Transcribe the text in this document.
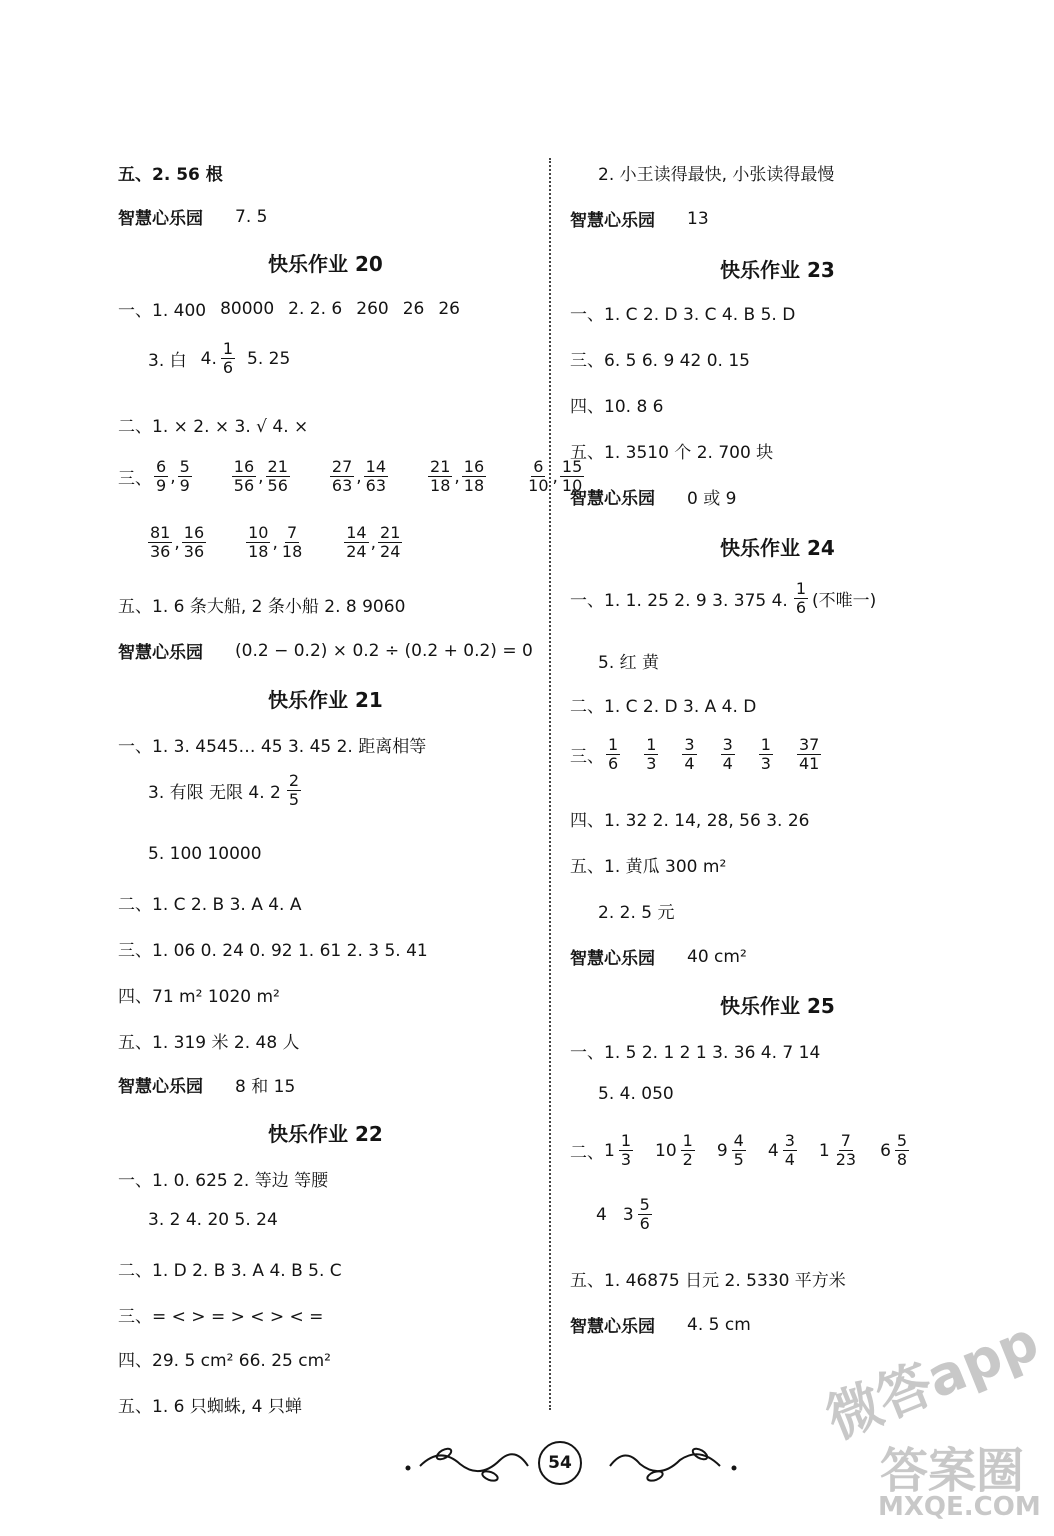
五、2. 56 根
智慧心乐园 7. 5
快乐作业 20
一、1. 400 80000 2. 2. 6 260 26 26
3. 白 4. $\frac{1}{6} 5$. 25
二、1. × 2. × 3. √ 4. ×
三、 $\frac{6}{9}$ , $\frac{5}{9}$	$\frac{16}{56}$ , $\frac{21}{56}$	$\frac{27}{63}$ , $\frac{14}{63}$	$\frac{21}{18}$ , $\frac{16}{18}$	$\frac{6}{10}$ , $\frac{15}{10}$
$\frac{81}{36}$ , $\frac{16}{36}$	$\frac{10}{18}$ , $\frac{7}{18}$	$\frac{14}{24}$ , $\frac{21}{24}$
五、1. 6 条大船, 2 条小船 2. 8 9060
智慧心乐园 (0.2 − 0.2) × 0.2 ÷ (0.2 + 0.2) = 0
快乐作业 21
一、1. 3. 4545… 45 3. 4̇5̇ 2. 距离相等
3. 有限 无限 4. $2 \frac{2}{5}$
5. 100 10000
二、1. C 2. B 3. A 4. A
三、1. 06 0. 24 0. 92 1. 61 2. 3 5. 41
四、71 m² 1020 m²
五、1. 319 米 2. 48 人
智慧心乐园 8 和 15
快乐作业 22
一、1. 0. 62̇5̇ 2. 等边 等腰
3. 2 4. 20 5. 24
二、1. D 2. B 3. A 4. B 5. C
三、= < > = > < > < =
四、29. 5 cm² 66. 25 cm²
五、1. 6 只蜘蛛, 4 只蝉
2. 小王读得最快, 小张读得最慢
智慧心乐园 13
快乐作业 23
一、1. C 2. D 3. C 4. B 5. D
三、6. 5 6. 9 42 0. 15
四、10. 8 6
五、1. 3510 个 2. 700 块
智慧心乐园 0 或 9
快乐作业 24
一、1. 1. 25 2. 9 3. 375 4. $\frac{1}{6}$ (不唯一)
5. 红 黄
二、1. C 2. D 3. A 4. D
三、 $\frac{1}{6} \frac{1}{3} \frac{3}{4} \frac{3}{4} \frac{1}{3} \frac{37}{41}$
四、1. 32 2. 14, 28, 56 3. 26
五、1. 黄瓜 300 m²
2. 2. 5 元
智慧心乐园 40 cm²
快乐作业 25
一、1. 5 2. 1 2 1 3. 36 4. 7 14
5. 4. 050
二、 $1 \frac{1}{3} 10 \frac{1}{2} 9 \frac{4}{5} 4 \frac{3}{4} 1 \frac{7}{23} 6 \frac{5}{8}$
4 $3 \frac{5}{6}$
五、1. 46875 日元 2. 5330 平方米
智慧心乐园 4. 5 cm
54
微答app
答案圈
MXQE.COM
